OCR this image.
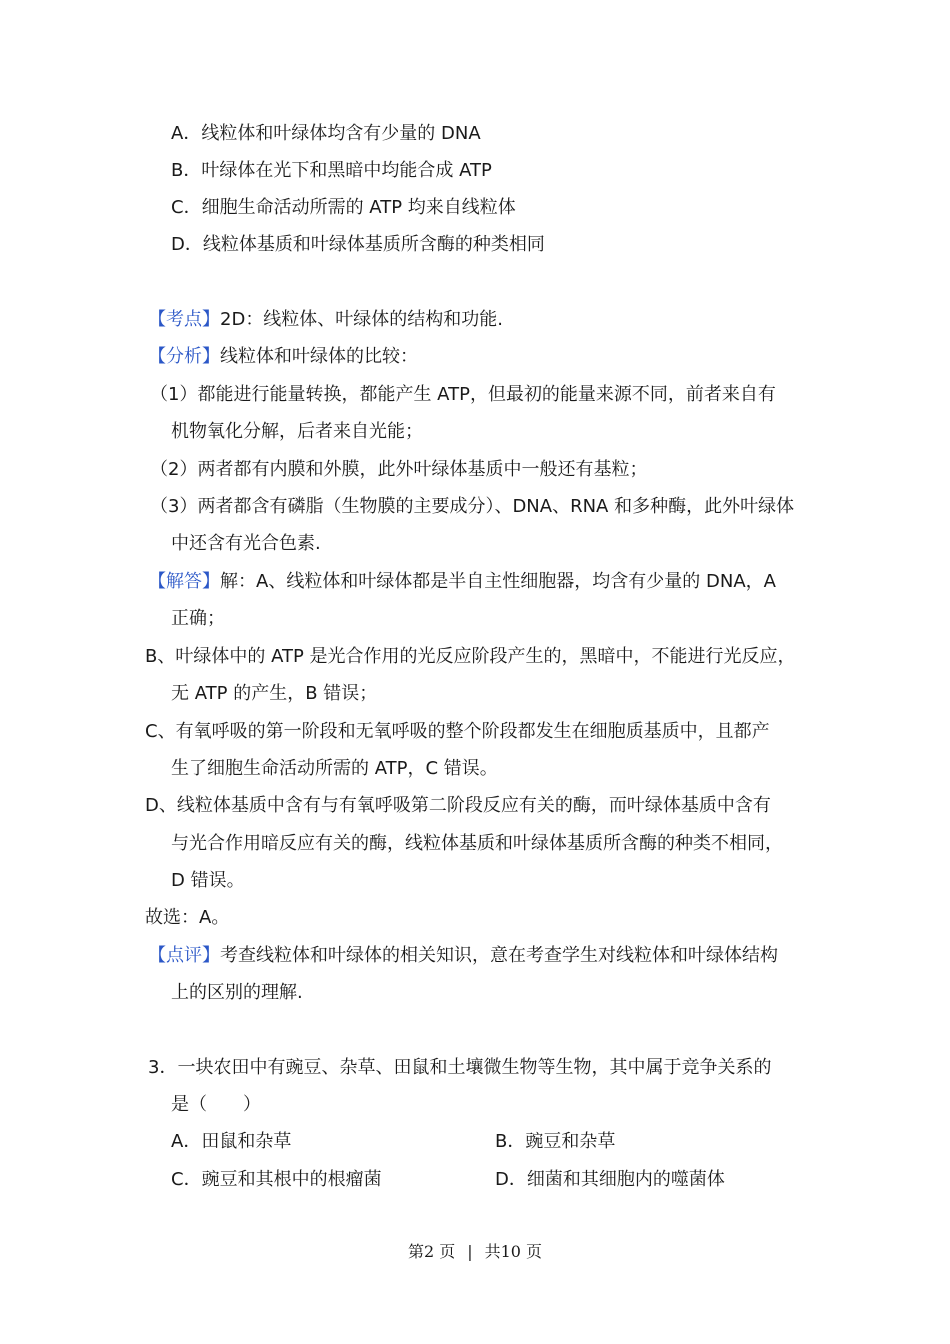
A．线粒体和叶绿体均含有少量的 DNA
B．叶绿体在光下和黑暗中均能合成 ATP
C．细胞生命活动所需的 ATP 均来自线粒体
D．线粒体基质和叶绿体基质所含酶的种类相同
【考点】2D：线粒体、叶绿体的结构和功能.
【分析】线粒体和叶绿体的比较：
（1）都能进行能量转换，都能产生 ATP，但最初的能量来源不同，前者来自有
机物氧化分解，后者来自光能；
（2）两者都有内膜和外膜，此外叶绿体基质中一般还有基粒；
（3）两者都含有磷脂（生物膜的主要成分）、DNA、RNA 和多种酶，此外叶绿体
中还含有光合色素.
【解答】解：A、线粒体和叶绿体都是半自主性细胞器，均含有少量的 DNA，A
正确；
B、叶绿体中的 ATP 是光合作用的光反应阶段产生的，黑暗中，不能进行光反应，
无 ATP 的产生，B 错误；
C、有氧呼吸的第一阶段和无氧呼吸的整个阶段都发生在细胞质基质中，且都产
生了细胞生命活动所需的 ATP，C 错误。
D、线粒体基质中含有与有氧呼吸第二阶段反应有关的酶，而叶绿体基质中含有
与光合作用暗反应有关的酶，线粒体基质和叶绿体基质所含酶的种类不相同，
D 错误。
故选：A。
【点评】考查线粒体和叶绿体的相关知识，意在考查学生对线粒体和叶绿体结构
上的区别的理解.
3．一块农田中有豌豆、杂草、田鼠和土壤微生物等生物，其中属于竞争关系的
是（　　）
A．田鼠和杂草	B．豌豆和杂草
C．豌豆和其根中的根瘤菌	D．细菌和其细胞内的噬菌体
第2 页 | 共10 页
